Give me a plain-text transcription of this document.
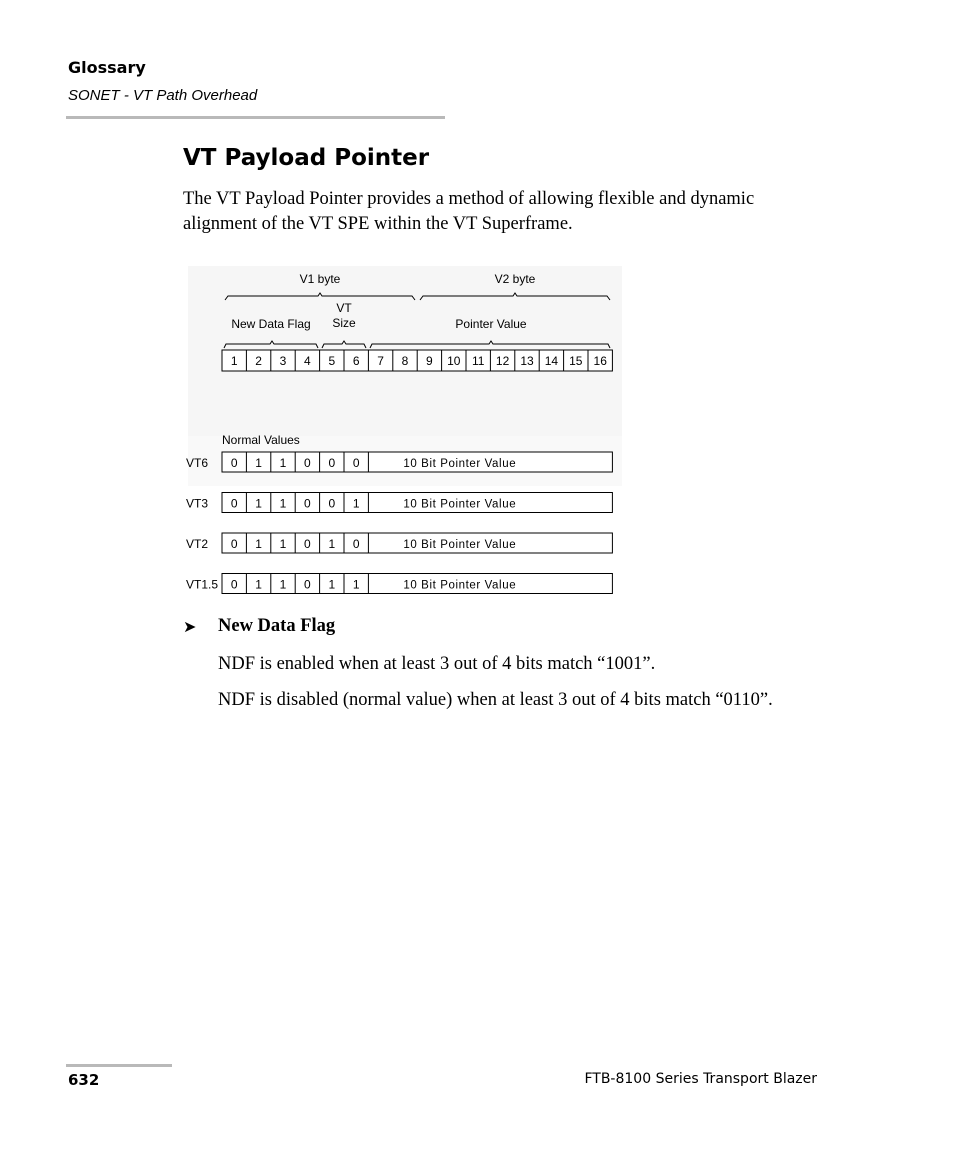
Glossary
SONET - VT Path Overhead
VT Payload Pointer

The VT Payload Pointer provides a method of allowing flexible and dynamic alignment of the VT SPE within the VT Superframe.

V1 byte	V2 byte
New Data Flag
VT
Size	Pointer Value
1 2 3 4 5 6 7 8 9 10 11 12 13 14 15 16
Normal Values
VT6 0 1 1 0 0 0	10 Bit Pointer Value
VT3 0 1 1 0 0 1	10 Bit Pointer Value
VT2 0 1 1 0 1 0	10 Bit Pointer Value
VT1.5 0 1 1 0 1 1	10 Bit Pointer Value
➤ New Data Flag

NDF is enabled when at least 3 out of 4 bits match “1001”.

NDF is disabled (normal value) when at least 3 out of 4 bits match “0110”.

632	FTB-8100 Series Transport Blazer
